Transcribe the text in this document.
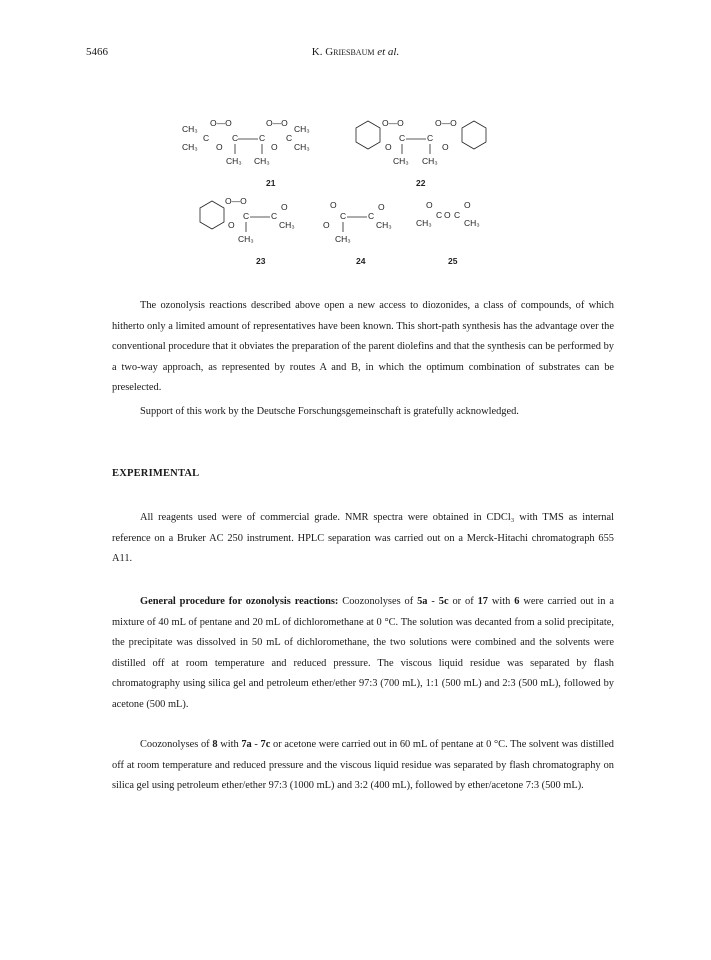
5466	K. Griesbaum et al.
CH₃
CH₃
C
O—O
O
C C
O—O
O
C
CH₃
CH₃
CH₃ CH₃
21
O—O
O
C	C
O—O
O
CH₃ CH₃
22
O—O
O
C	C
O
CH₃
CH₃
23
O
O
C	C
O
CH₃
CH₃
24
O
CH₃
C O C
O
CH₃
25
The ozonolysis reactions described above open a new access to diozonides, a class of compounds, of which hitherto only a limited amount of representatives have been known. This short-path synthesis has the advantage over the conventional procedure that it obviates the preparation of the parent diolefins and that the synthesis can be performed by a two-way approach, as represented by routes A and B, in which the optimum combination of substrates can be preselected.
Support of this work by the Deutsche Forschungsgemeinschaft is gratefully acknowledged.
EXPERIMENTAL
All reagents used were of commercial grade. NMR spectra were obtained in CDCl₃ with TMS as internal reference on a Bruker AC 250 instrument. HPLC separation was carried out on a Merck-Hitachi chromatograph 655 A11.
General procedure for ozonolysis reactions: Coozonolyses of 5a - 5c or of 17 with 6 were carried out in a mixture of 40 mL of pentane and 20 mL of dichloromethane at 0 °C. The solution was decanted from a solid precipitate, the precipitate was dissolved in 50 mL of dichloromethane, the two solutions were combined and the solvents were distilled off at room temperature and reduced pressure. The viscous liquid residue was separated by flash chromatography using silica gel and petroleum ether/ether 97:3 (700 mL), 1:1 (500 mL) and 2:3 (500 mL), followed by acetone (500 mL).
Coozonolyses of 8 with 7a - 7c or acetone were carried out in 60 mL of pentane at 0 °C. The solvent was distilled off at room temperature and reduced pressure and the viscous liquid residue was separated by flash chromatography on silica gel using petroleum ether/ether 97:3 (1000 mL) and 3:2 (400 mL), followed by ether/acetone 7:3 (500 mL).
